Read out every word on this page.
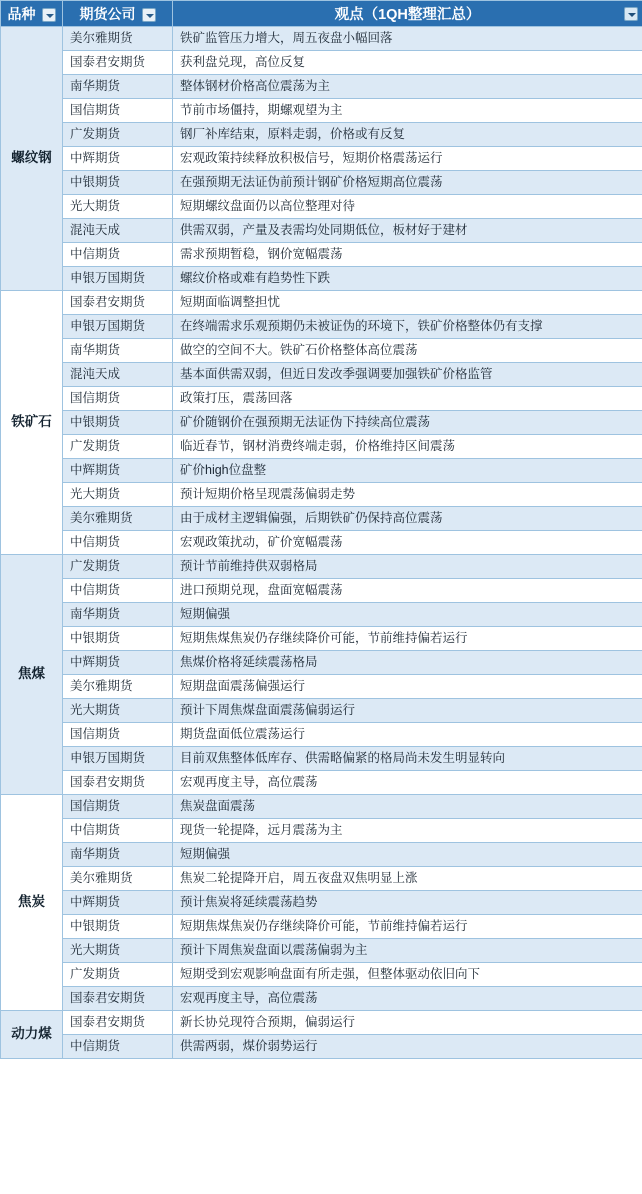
品种	期货公司	观点（1QH整理汇总）

螺纹钢	美尔雅期货	铁矿监管压力增大，周五夜盘小幅回落
	国泰君安期货	获利盘兑现，高位反复
	南华期货	整体钢材价格高位震荡为主
	国信期货	节前市场僵持，期螺观望为主
	广发期货	钢厂补库结束，原料走弱，价格或有反复
	中辉期货	宏观政策持续释放积极信号，短期价格震荡运行
	中银期货	在强预期无法证伪前预计钢矿价格短期高位震荡
	光大期货	短期螺纹盘面仍以高位整理对待
	混沌天成	供需双弱，产量及表需均处同期低位，板材好于建材
	中信期货	需求预期暂稳，钢价宽幅震荡
	申银万国期货	螺纹价格或难有趋势性下跌
铁矿石	国泰君安期货	短期面临调整担忧
	申银万国期货	在终端需求乐观预期仍未被证伪的环境下，铁矿价格整体仍有支撑
	南华期货	做空的空间不大。铁矿石价格整体高位震荡
	混沌天成	基本面供需双弱，但近日发改季强调要加强铁矿价格监管
	国信期货	政策打压，震荡回落
	中银期货	矿价随钢价在强预期无法证伪下持续高位震荡
	广发期货	临近春节，钢材消费终端走弱，价格维持区间震荡
	中辉期货	矿价high位盘整
	光大期货	预计短期价格呈现震荡偏弱走势
	美尔雅期货	由于成材主逻辑偏强，后期铁矿仍保持高位震荡
	中信期货	宏观政策扰动，矿价宽幅震荡
焦煤	广发期货	预计节前维持供双弱格局
	中信期货	进口预期兑现，盘面宽幅震荡
	南华期货	短期偏强
	中银期货	短期焦煤焦炭仍存继续降价可能，节前维持偏若运行
	中辉期货	焦煤价格将延续震荡格局
	美尔雅期货	短期盘面震荡偏强运行
	光大期货	预计下周焦煤盘面震荡偏弱运行
	国信期货	期货盘面低位震荡运行
	申银万国期货	目前双焦整体低库存、供需略偏紧的格局尚未发生明显转向
	国泰君安期货	宏观再度主导，高位震荡
焦炭	国信期货	焦炭盘面震荡
	中信期货	现货一轮提降，远月震荡为主
	南华期货	短期偏强
	美尔雅期货	焦炭二轮提降开启，周五夜盘双焦明显上涨
	中辉期货	预计焦炭将延续震荡趋势
	中银期货	短期焦煤焦炭仍存继续降价可能，节前维持偏若运行
	光大期货	预计下周焦炭盘面以震荡偏弱为主
	广发期货	短期受到宏观影响盘面有所走强，但整体驱动依旧向下
	国泰君安期货	宏观再度主导，高位震荡
动力煤	国泰君安期货	新长协兑现符合预期，偏弱运行
	中信期货	供需两弱，煤价弱势运行
